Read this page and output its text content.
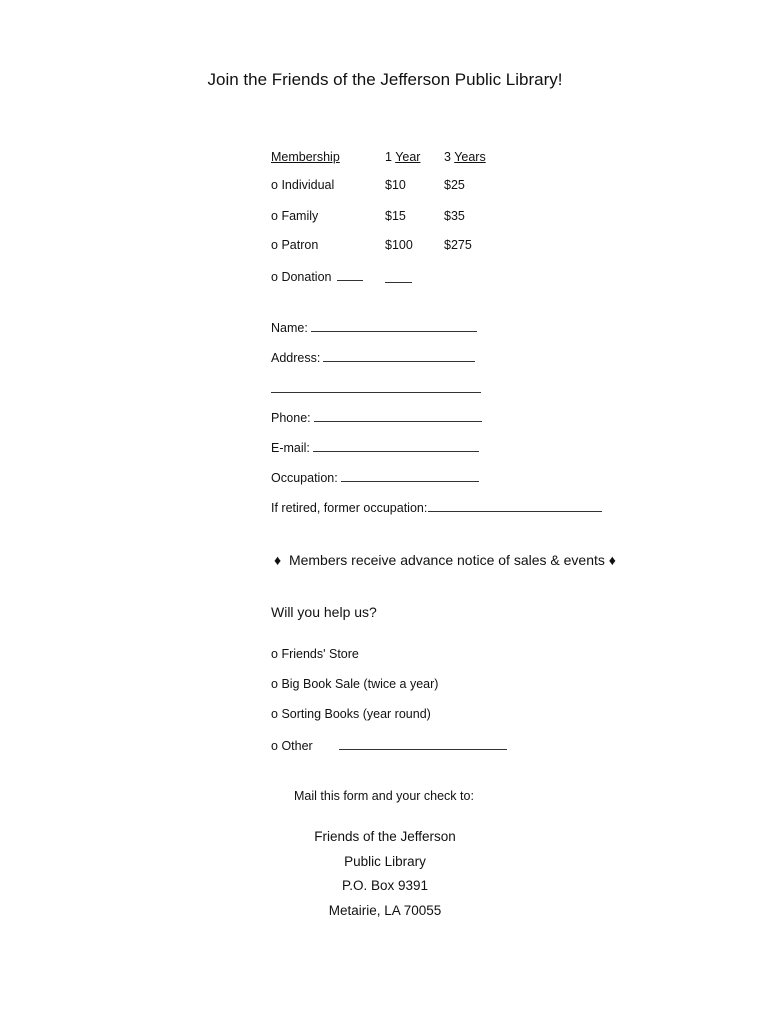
Join the Friends of the Jefferson Public Library!
Membership	1 Year 3 Years
o Individual	$10	$25
o Family	$15	$35
o Patron	$100 $275
o Donation
Name:
Address:
Phone:
E-mail:
Occupation:
If retired, former occupation:
♦ Members receive advance notice of sales & events ♦
Will you help us?
o Friends' Store
o Big Book Sale (twice a year)
o Sorting Books (year round)
o Other
Mail this form and your check to:
Friends of the Jefferson
Public Library
P.O. Box 9391
Metairie, LA 70055
